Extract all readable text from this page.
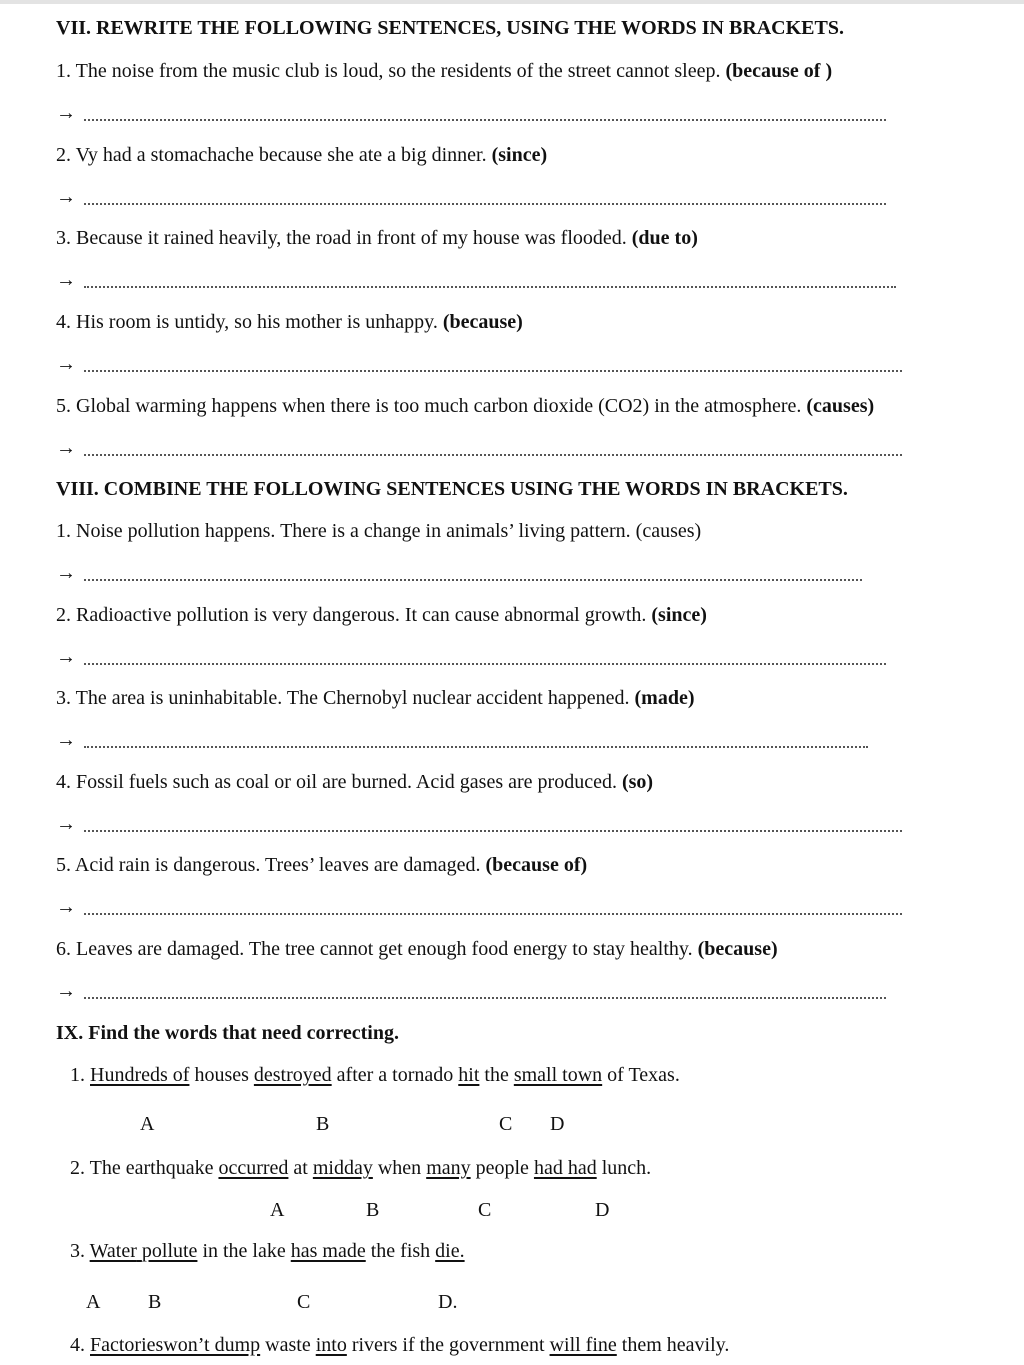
VII. REWRITE THE FOLLOWING SENTENCES, USING THE WORDS IN BRACKETS.
1. The noise from the music club is loud, so the residents of the street cannot sleep. (because of )
→
2. Vy had a stomachache because she ate a big dinner. (since)
→
3. Because it rained heavily, the road in front of my house was flooded. (due to)
→
4. His room is untidy, so his mother is unhappy. (because)
→
5. Global warming happens when there is too much carbon dioxide (CO2) in the atmosphere. (causes)
→
VIII. COMBINE THE FOLLOWING SENTENCES USING THE WORDS IN BRACKETS.
1. Noise pollution happens. There is a change in animals’ living pattern. (causes)
→
2. Radioactive pollution is very dangerous. It can cause abnormal growth. (since)
→
3. The area is uninhabitable. The Chernobyl nuclear accident happened. (made)
→
4. Fossil fuels such as coal or oil are burned. Acid gases are produced. (so)
→
5. Acid rain is dangerous. Trees’ leaves are damaged. (because of)
→
6. Leaves are damaged. The tree cannot get enough food energy to stay healthy. (because)
→
IX. Find the words that need correcting.
1. Hundreds of houses destroyed after a tornado hit the small town of Texas.
A	B	C D
2. The earthquake occurred at midday when many people had had lunch.
A	B	C	D
3. Water pollute in the lake has made the fish die.
A B	C	D.
4. Factorieswon’t dump waste into rivers if the government will fine them heavily.
